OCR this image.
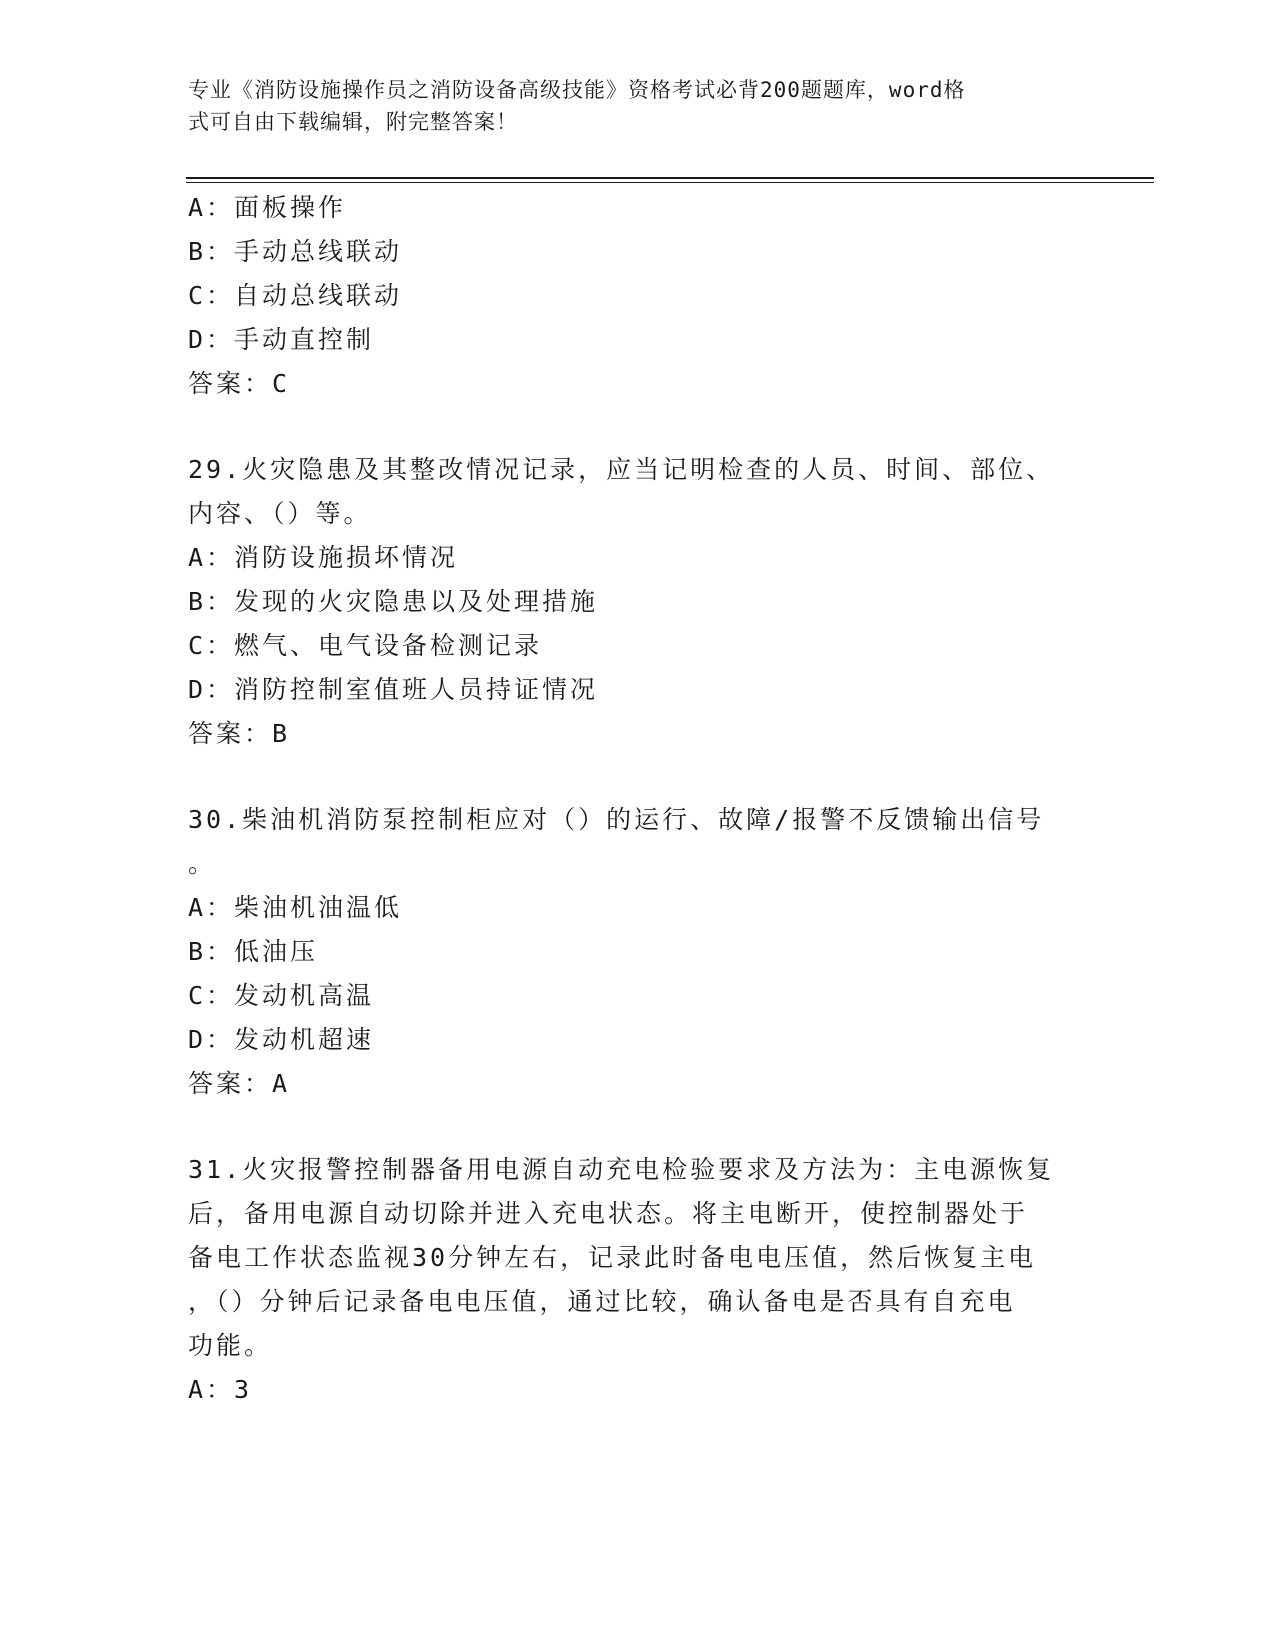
专业《消防设施操作员之消防设备高级技能》资格考试必背200题题库，word格
式可自由下载编辑，附完整答案！
A：面板操作
B：手动总线联动
C：自动总线联动
D：手动直控制
答案：C
29.火灾隐患及其整改情况记录，应当记明检查的人员、时间、部位、
内容、（）等。
A：消防设施损坏情况
B：发现的火灾隐患以及处理措施
C：燃气、电气设备检测记录
D：消防控制室值班人员持证情况
答案：B
30.柴油机消防泵控制柜应对（）的运行、故障/报警不反馈输出信号
。
A：柴油机油温低
B：低油压
C：发动机高温
D：发动机超速
答案：A
31.火灾报警控制器备用电源自动充电检验要求及方法为：主电源恢复
后，备用电源自动切除并进入充电状态。将主电断开，使控制器处于
备电工作状态监视30分钟左右，记录此时备电电压值，然后恢复主电
，（）分钟后记录备电电压值，通过比较，确认备电是否具有自充电
功能。
A：3
